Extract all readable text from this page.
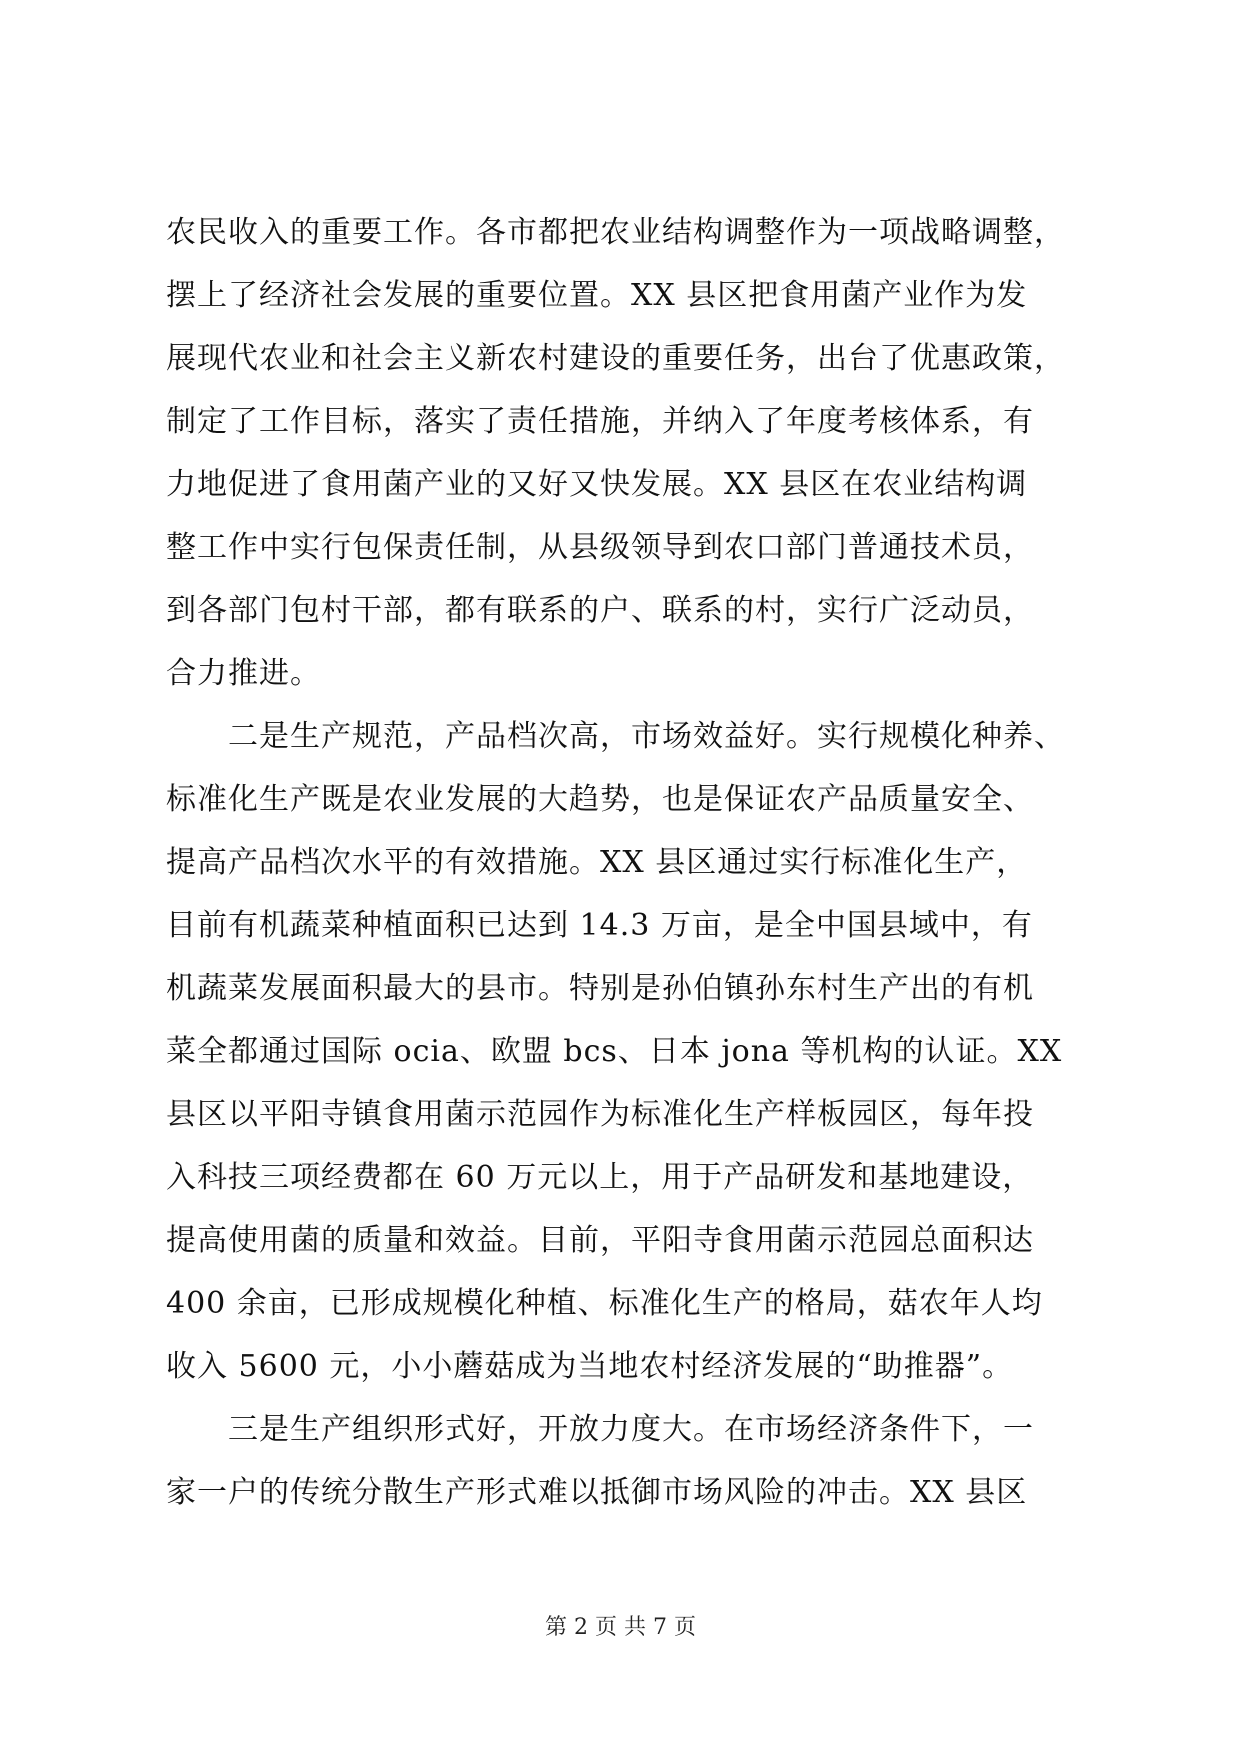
农民收入的重要工作。各市都把农业结构调整作为一项战略调整，
摆上了经济社会发展的重要位置。XX 县区把食用菌产业作为发
展现代农业和社会主义新农村建设的重要任务，出台了优惠政策，
制定了工作目标，落实了责任措施，并纳入了年度考核体系，有
力地促进了食用菌产业的又好又快发展。XX 县区在农业结构调
整工作中实行包保责任制，从县级领导到农口部门普通技术员，
到各部门包村干部，都有联系的户、联系的村，实行广泛动员，
合力推进。
　　二是生产规范，产品档次高，市场效益好。实行规模化种养、
标准化生产既是农业发展的大趋势，也是保证农产品质量安全、
提高产品档次水平的有效措施。XX 县区通过实行标准化生产，
目前有机蔬菜种植面积已达到 14.3 万亩，是全中国县域中，有
机蔬菜发展面积最大的县市。特别是孙伯镇孙东村生产出的有机
菜全都通过国际 ocia、欧盟 bcs、日本 jona 等机构的认证。XX
县区以平阳寺镇食用菌示范园作为标准化生产样板园区，每年投
入科技三项经费都在 60 万元以上，用于产品研发和基地建设，
提高使用菌的质量和效益。目前，平阳寺食用菌示范园总面积达
400 余亩，已形成规模化种植、标准化生产的格局，菇农年人均
收入 5600 元，小小蘑菇成为当地农村经济发展的“助推器”。
　　三是生产组织形式好，开放力度大。在市场经济条件下，一
家一户的传统分散生产形式难以抵御市场风险的冲击。XX 县区
第 2 页 共 7 页
